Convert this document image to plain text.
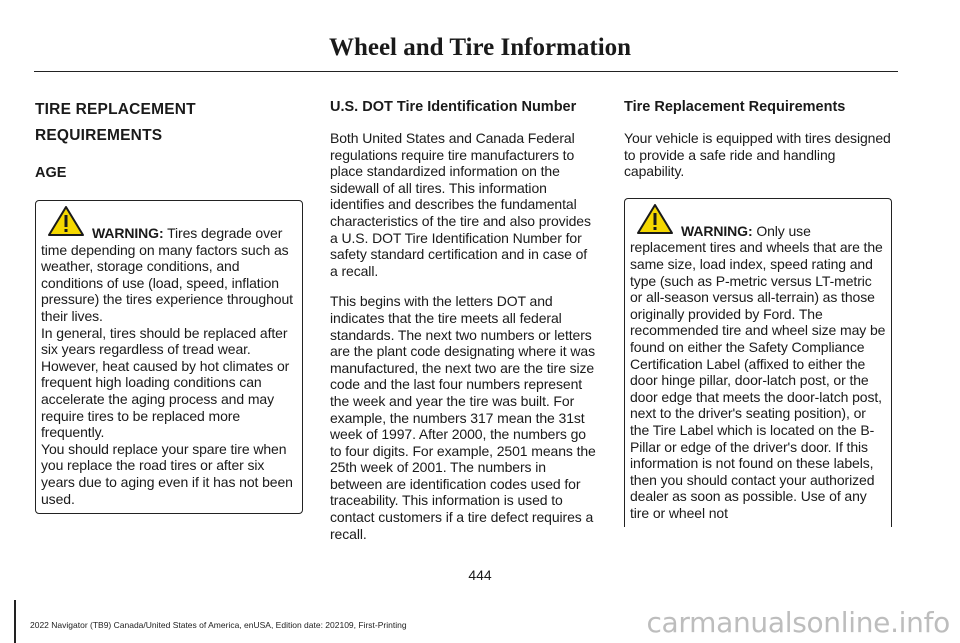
Wheel and Tire Information

TIRE REPLACEMENT

REQUIREMENTS

AGE

WARNING: Tires degrade over time depending on many factors such as weather, storage conditions, and conditions of use (load, speed, inflation pressure) the tires experience throughout their lives.

In general, tires should be replaced after six years regardless of tread wear. However, heat caused by hot climates or frequent high loading conditions can accelerate the aging process and may require tires to be replaced more frequently.

You should replace your spare tire when you replace the road tires or after six years due to aging even if it has not been used.

U.S. DOT Tire Identification Number

Both United States and Canada Federal regulations require tire manufacturers to place standardized information on the sidewall of all tires. This information identifies and describes the fundamental characteristics of the tire and also provides a U.S. DOT Tire Identification Number for safety standard certification and in case of a recall.

This begins with the letters DOT and indicates that the tire meets all federal standards. The next two numbers or letters are the plant code designating where it was manufactured, the next two are the tire size code and the last four numbers represent the week and year the tire was built. For example, the numbers 317 mean the 31st week of 1997. After 2000, the numbers go to four digits. For example, 2501 means the 25th week of 2001. The numbers in between are identification codes used for traceability. This information is used to contact customers if a tire defect requires a recall.

Tire Replacement Requirements

Your vehicle is equipped with tires designed to provide a safe ride and handling capability.

WARNING: Only use replacement tires and wheels that are the same size, load index, speed rating and type (such as P-metric versus LT-metric or all-season versus all-terrain) as those originally provided by Ford. The recommended tire and wheel size may be found on either the Safety Compliance Certification Label (affixed to either the door hinge pillar, door-latch post, or the door edge that meets the door-latch post, next to the driver's seating position), or the Tire Label which is located on the B-Pillar or edge of the driver's door. If this information is not found on these labels, then you should contact your authorized dealer as soon as possible. Use of any tire or wheel not

444
2022 Navigator (TB9) Canada/United States of America, enUSA, Edition date: 202109, First-Printing	carmanualsonline.info
